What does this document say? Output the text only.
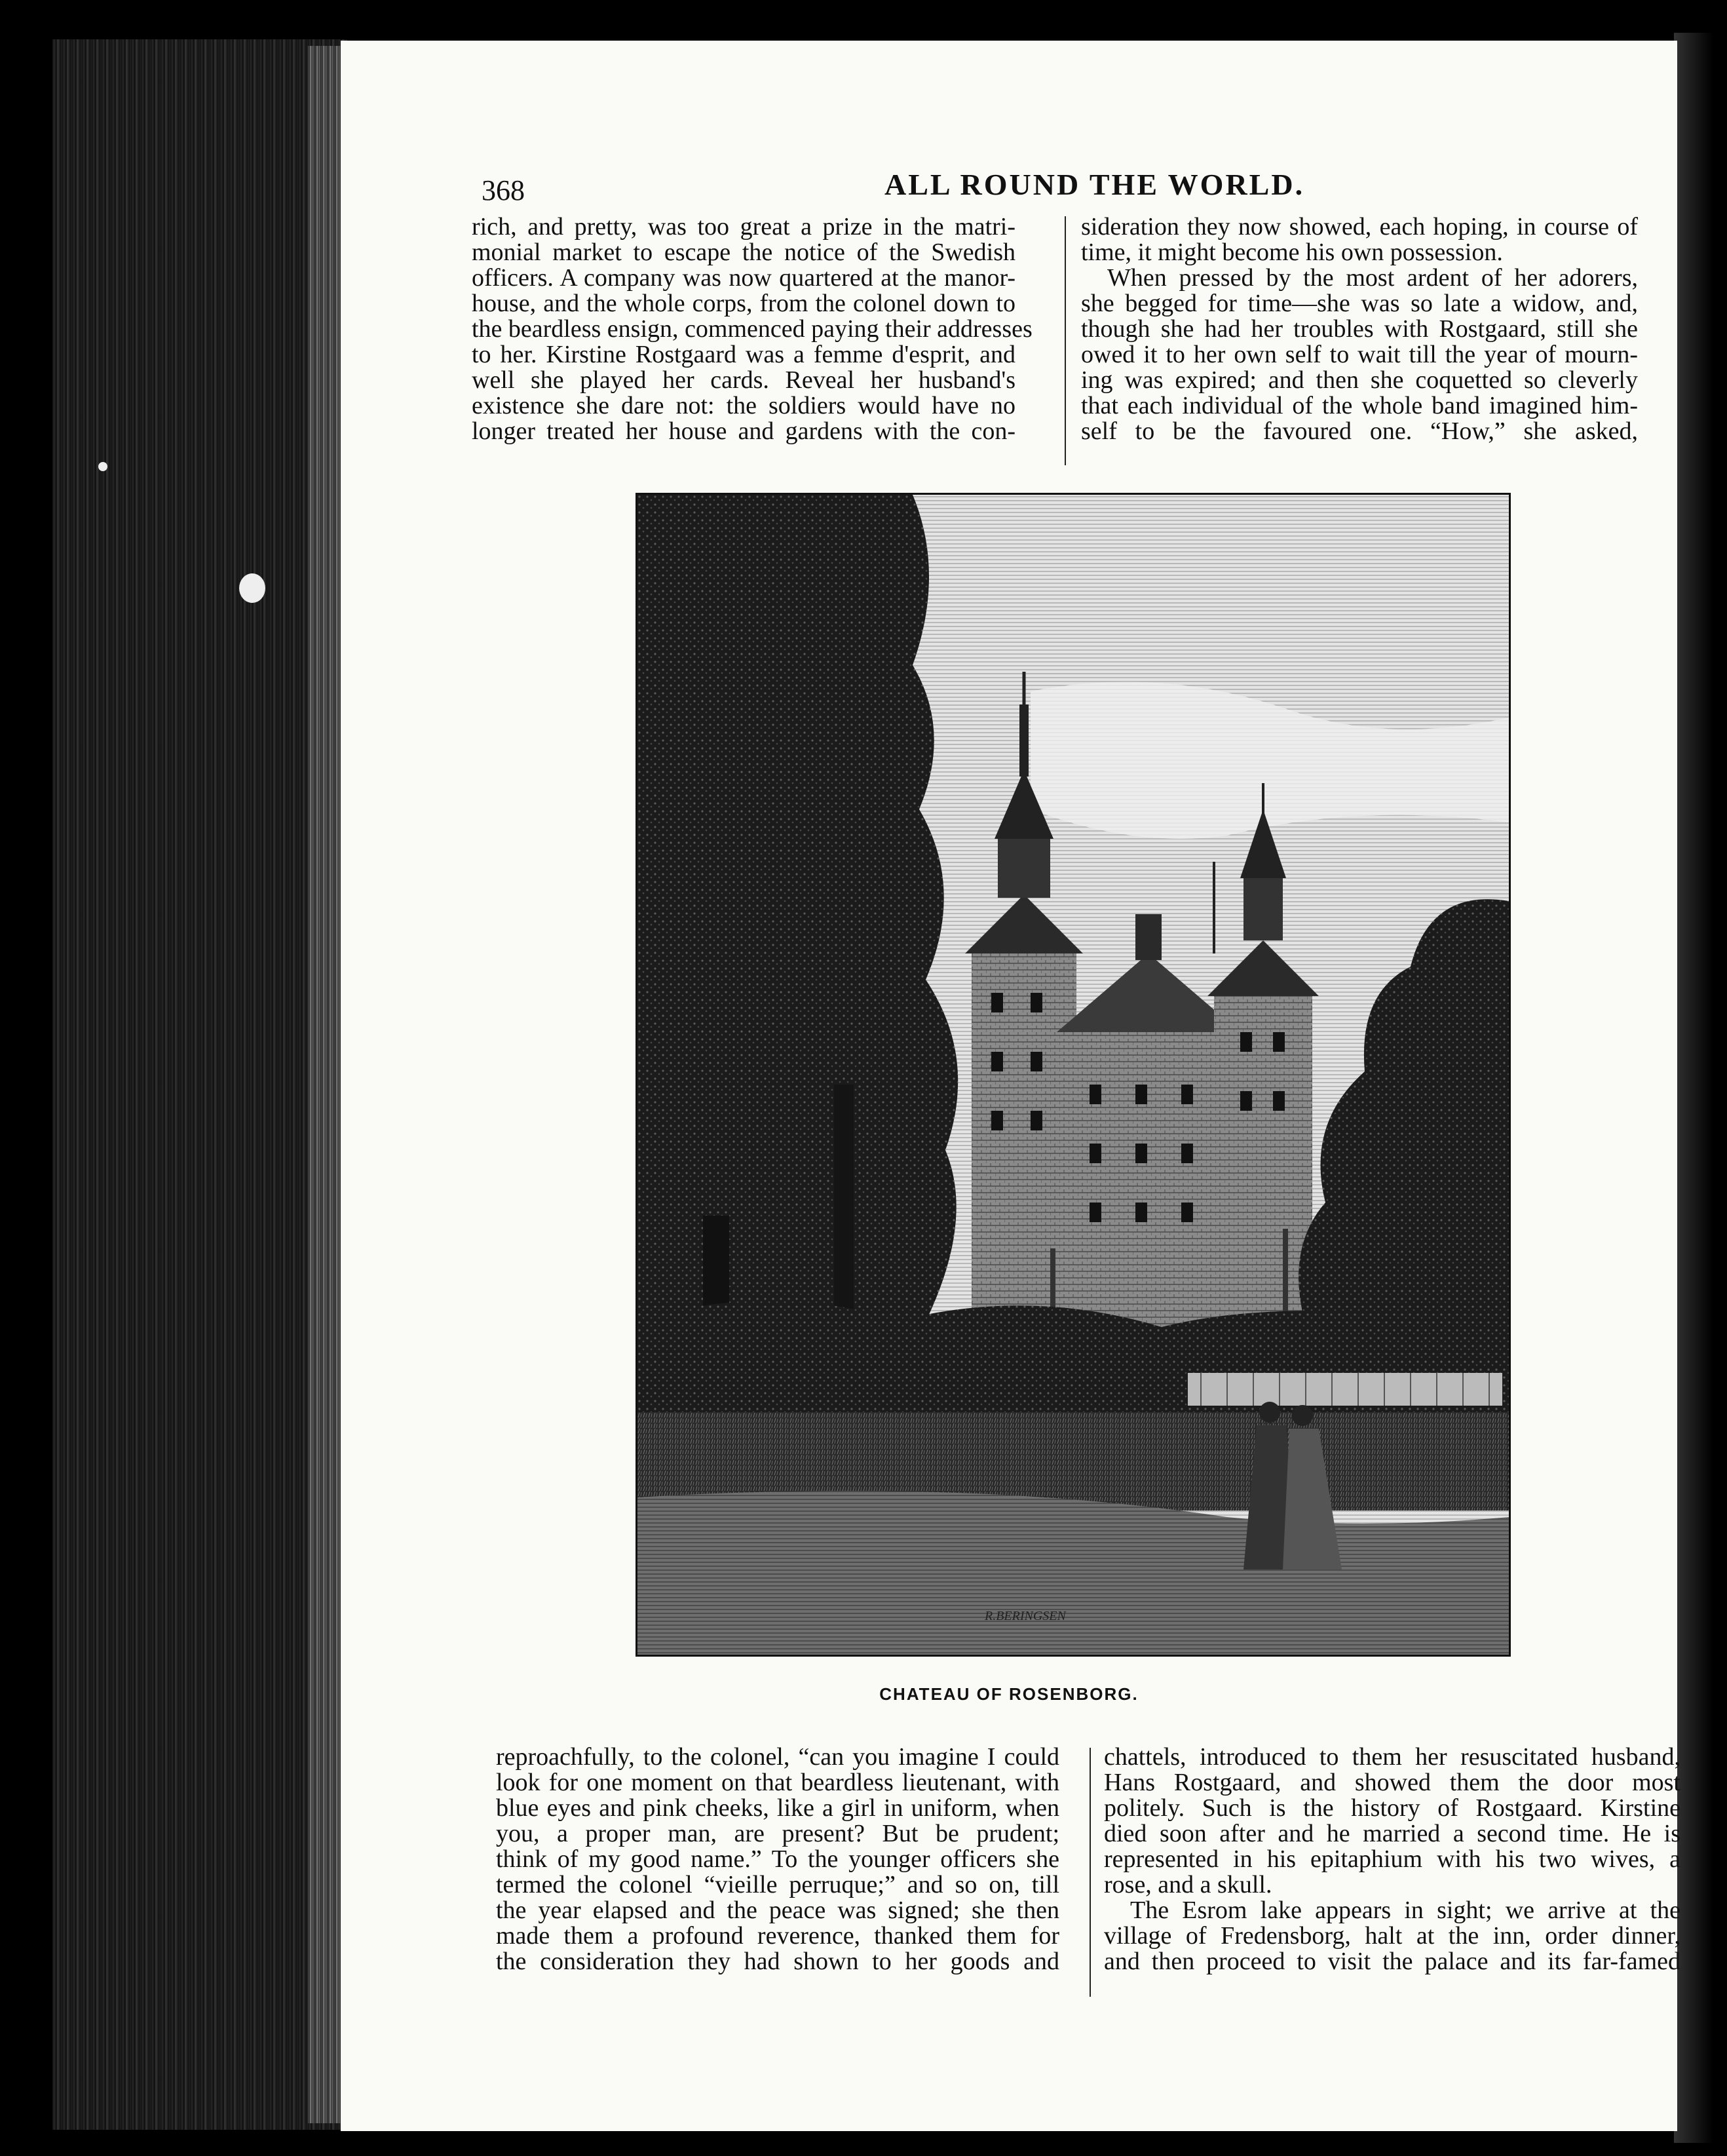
368	ALL ROUND THE WORLD.
rich, and pretty, was too great a prize in the matri-
monial market to escape the notice of the Swedish
officers. A company was now quartered at the manor-
house, and the whole corps, from the colonel down to
the beardless ensign, commenced paying their addresses
to her. Kirstine Rostgaard was a femme d'esprit, and
well she played her cards. Reveal her husband's
existence she dare not: the soldiers would have no
longer treated her house and gardens with the con-
sideration they now showed, each hoping, in course of
time, it might become his own possession.
When pressed by the most ardent of her adorers,
she begged for time—she was so late a widow, and,
though she had her troubles with Rostgaard, still she
owed it to her own self to wait till the year of mourn-
ing was expired; and then she coquetted so cleverly
that each individual of the whole band imagined him-
self to be the favoured one. “How,” she asked,
R.BERINGSEN
CHATEAU OF ROSENBORG.
reproachfully, to the colonel, “can you imagine I could
look for one moment on that beardless lieutenant, with
blue eyes and pink cheeks, like a girl in uniform, when
you, a proper man, are present? But be prudent;
think of my good name.” To the younger officers she
termed the colonel “vieille perruque;” and so on, till
the year elapsed and the peace was signed; she then
made them a profound reverence, thanked them for
the consideration they had shown to her goods and
chattels, introduced to them her resuscitated husband,
Hans Rostgaard, and showed them the door most
politely. Such is the history of Rostgaard. Kirstine
died soon after and he married a second time. He is
represented in his epitaphium with his two wives, a
rose, and a skull.
The Esrom lake appears in sight; we arrive at the
village of Fredensborg, halt at the inn, order dinner,
and then proceed to visit the palace and its far-famed
